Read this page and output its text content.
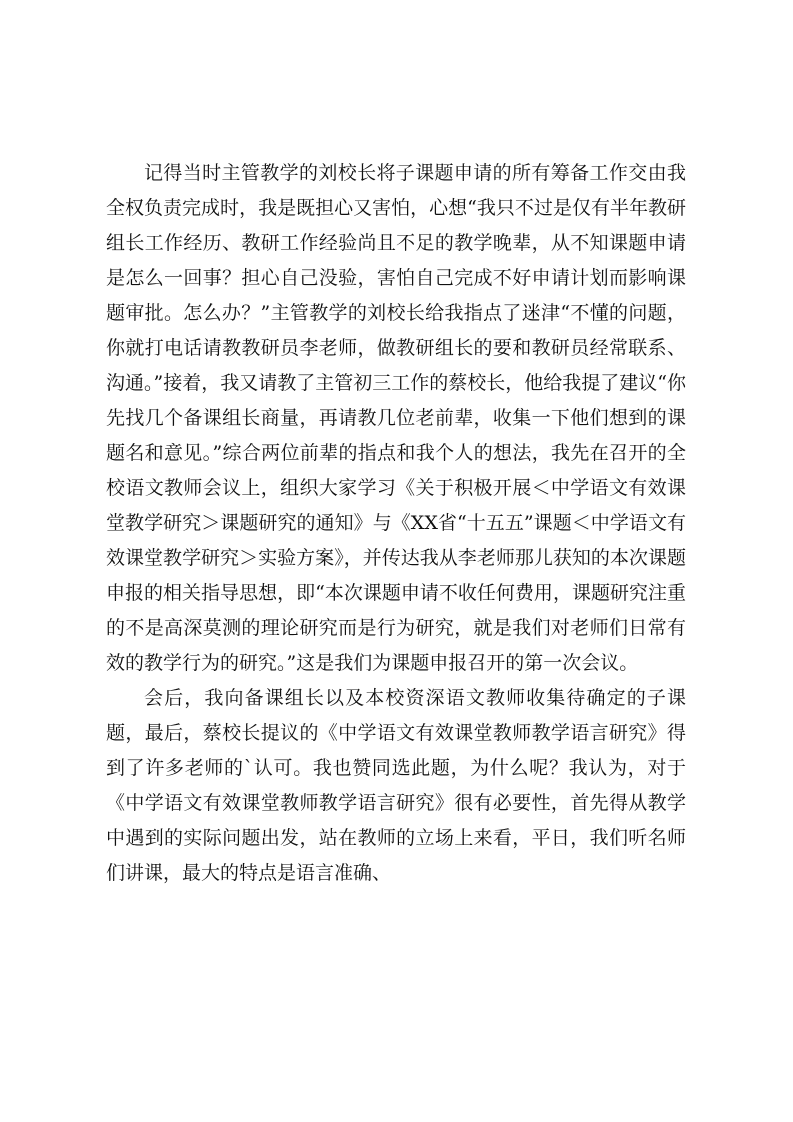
记得当时主管教学的刘校长将子课题申请的所有筹备工作交由我全权负责完成时，我是既担心又害怕，心想“我只不过是仅有半年教研组长工作经历、教研工作经验尚且不足的教学晚辈，从不知课题申请是怎么一回事？担心自己没验，害怕自己完成不好申请计划而影响课题审批。怎么办？”主管教学的刘校长给我指点了迷津“不懂的问题，你就打电话请教教研员李老师，做教研组长的要和教研员经常联系、沟通。”接着，我又请教了主管初三工作的蔡校长，他给我提了建议“你先找几个备课组长商量，再请教几位老前辈，收集一下他们想到的课题名和意见。”综合两位前辈的指点和我个人的想法，我先在召开的全校语文教师会议上，组织大家学习《关于积极开展＜中学语文有效课堂教学研究＞课题研究的通知》与《XX省“十五五”课题＜中学语文有效课堂教学研究＞实验方案》，并传达我从李老师那儿获知的本次课题申报的相关指导思想，即“本次课题申请不收任何费用，课题研究注重的不是高深莫测的理论研究而是行为研究，就是我们对老师们日常有效的教学行为的研究。”这是我们为课题申报召开的第一次会议。

会后，我向备课组长以及本校资深语文教师收集待确定的子课题，最后，蔡校长提议的《中学语文有效课堂教师教学语言研究》得到了许多老师的`认可。我也赞同选此题，为什么呢？我认为，对于《中学语文有效课堂教师教学语言研究》很有必要性，首先得从教学中遇到的实际问题出发，站在教师的立场上来看，平日，我们听名师们讲课，最大的特点是语言准确、
